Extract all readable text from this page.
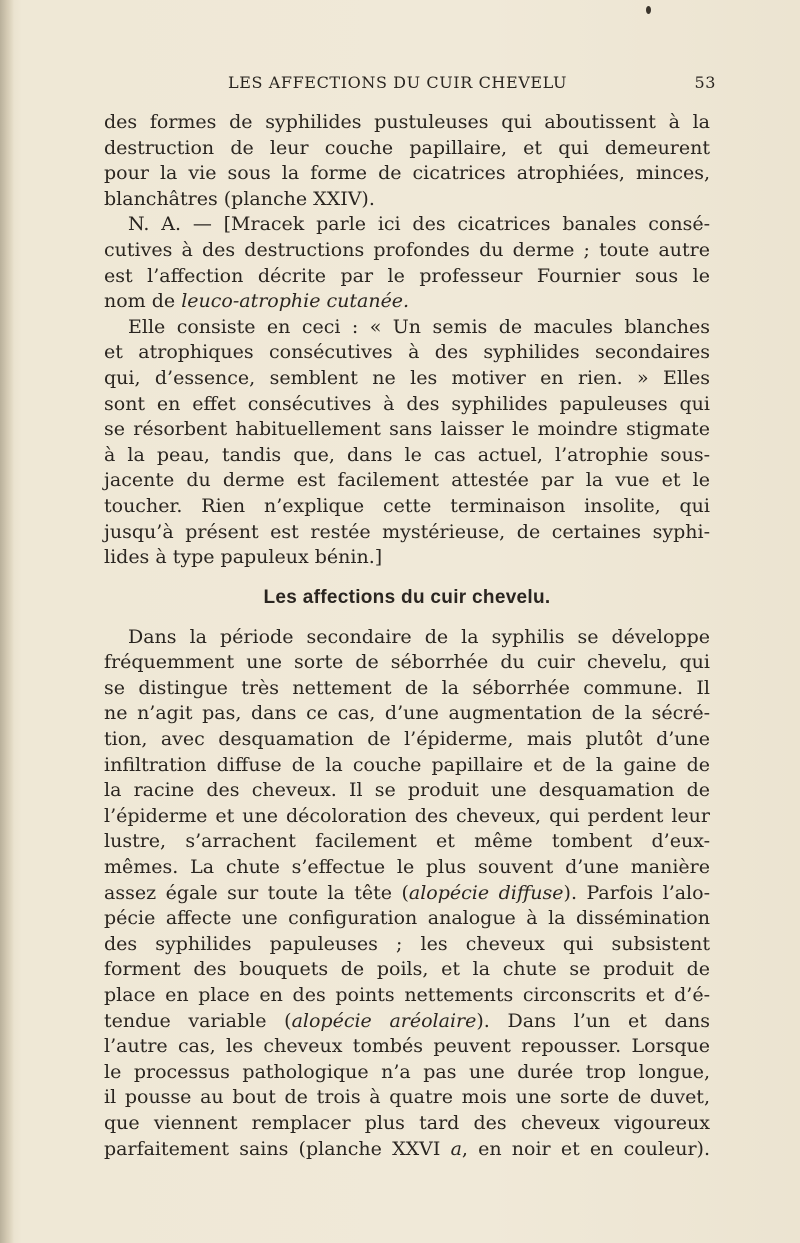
LES AFFECTIONS DU CUIR CHEVELU	53
des formes de syphilides pustuleuses qui aboutissent à la
destruction de leur couche papillaire, et qui demeurent
pour la vie sous la forme de cicatrices atrophiées, minces,
blanchâtres (planche XXIV).
N. A. — [Mracek parle ici des cicatrices banales consé-
cutives à des destructions profondes du derme ; toute autre
est l’affection décrite par le professeur Fournier sous le
nom de leuco-atrophie cutanée.
Elle consiste en ceci : « Un semis de macules blanches
et atrophiques consécutives à des syphilides secondaires
qui, d’essence, semblent ne les motiver en rien. » Elles
sont en effet consécutives à des syphilides papuleuses qui
se résorbent habituellement sans laisser le moindre stigmate
à la peau, tandis que, dans le cas actuel, l’atrophie sous-
jacente du derme est facilement attestée par la vue et le
toucher. Rien n’explique cette terminaison insolite, qui
jusqu’à présent est restée mystérieuse, de certaines syphi-
lides à type papuleux bénin.]
Les affections du cuir chevelu.
Dans la période secondaire de la syphilis se développe
fréquemment une sorte de séborrhée du cuir chevelu, qui
se distingue très nettement de la séborrhée commune. Il
ne n’agit pas, dans ce cas, d’une augmentation de la sécré-
tion, avec desquamation de l’épiderme, mais plutôt d’une
infiltration diffuse de la couche papillaire et de la gaine de
la racine des cheveux. Il se produit une desquamation de
l’épiderme et une décoloration des cheveux, qui perdent leur
lustre, s’arrachent facilement et même tombent d’eux-
mêmes. La chute s’effectue le plus souvent d’une manière
assez égale sur toute la tête (alopécie diffuse). Parfois l’alo-
pécie affecte une configuration analogue à la dissémination
des syphilides papuleuses ; les cheveux qui subsistent
forment des bouquets de poils, et la chute se produit de
place en place en des points nettements circonscrits et d’é-
tendue variable (alopécie aréolaire). Dans l’un et dans
l’autre cas, les cheveux tombés peuvent repousser. Lorsque
le processus pathologique n’a pas une durée trop longue,
il pousse au bout de trois à quatre mois une sorte de duvet,
que viennent remplacer plus tard des cheveux vigoureux
parfaitement sains (planche XXVI a, en noir et en couleur).
